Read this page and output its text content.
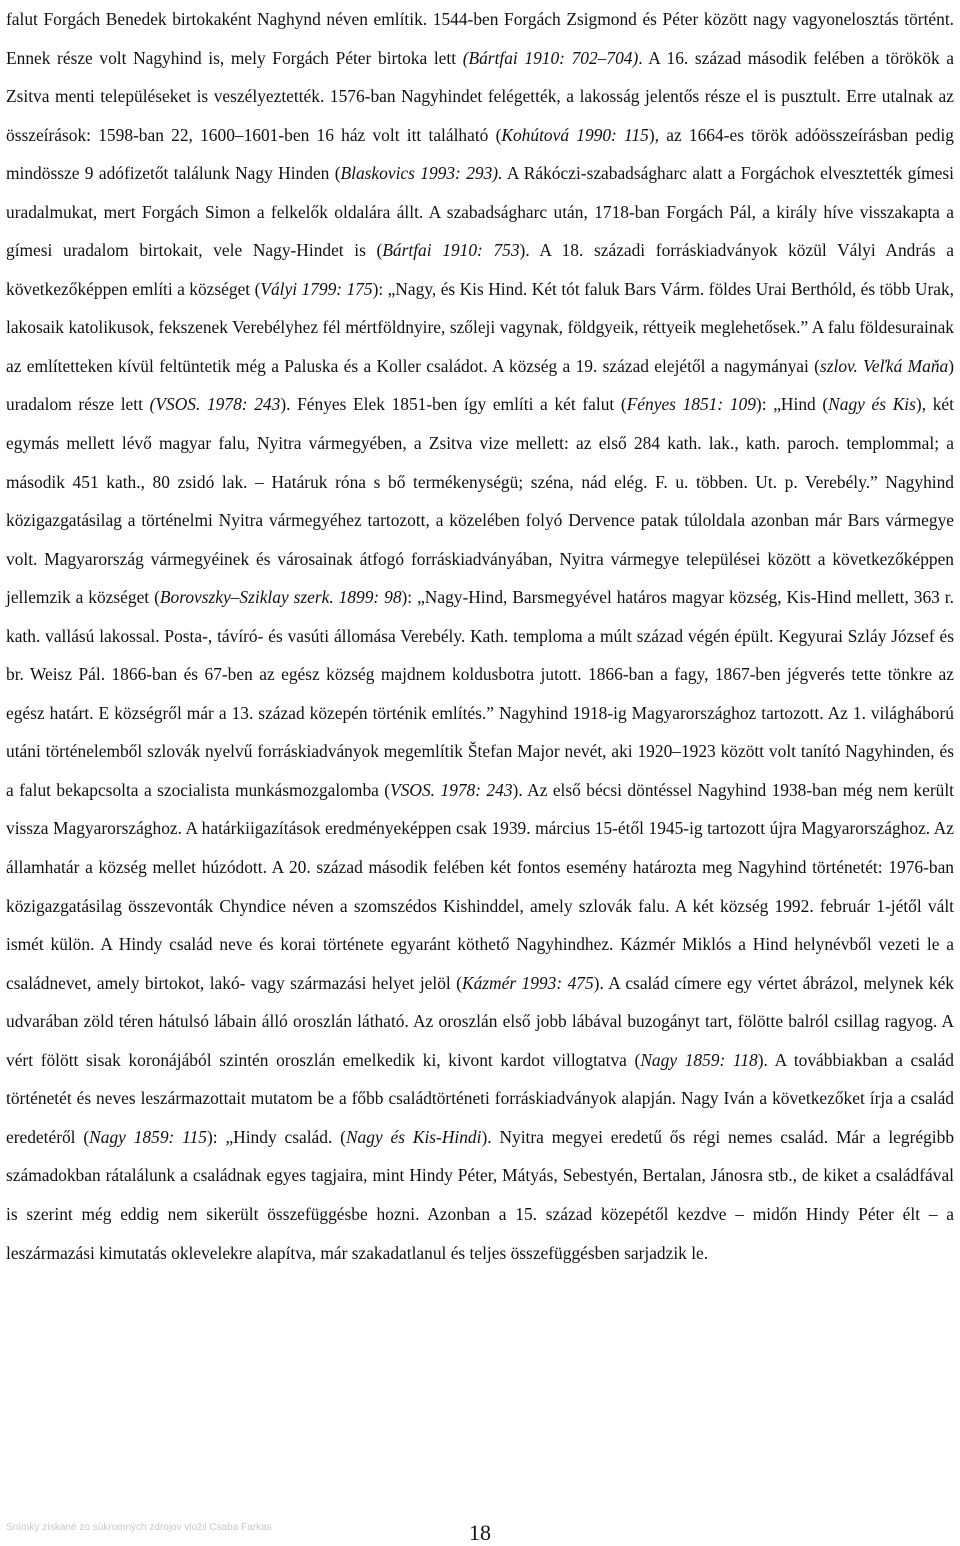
falut Forgách Benedek birtokaként Naghynd néven említik. 1544-ben Forgách Zsigmond és Péter között nagy vagyonelosztás történt. Ennek része volt Nagyhind is, mely Forgách Péter birtoka lett (Bártfai 1910: 702–704). A 16. század második felében a törökök a Zsitva menti településeket is veszélyeztették. 1576-ban Nagyhindet felégették, a lakosság jelentős része el is pusztult. Erre utalnak az összeírások: 1598-ban 22, 1600–1601-ben 16 ház volt itt található (Kohútová 1990: 115), az 1664-es török adóösszeírásban pedig mindössze 9 adófizetőt találunk Nagy Hinden (Blaskovics 1993: 293). A Rákóczi-szabadságharc alatt a Forgáchok elvesztették gímesi uradalmukat, mert Forgách Simon a felkelők oldalára állt. A szabadságharc után, 1718-ban Forgách Pál, a király híve visszakapta a gímesi uradalom birtokait, vele Nagy-Hindet is (Bártfai 1910: 753). A 18. századi forráskiadványok közül Vályi András a következőképpen említi a községet (Vályi 1799: 175): „Nagy, és Kis Hind. Két tót faluk Bars Várm. földes Urai Berthóld, és több Urak, lakosaik katolikusok, fekszenek Verebélyhez fél mértföldnyire, szőleji vagynak, földgyeik, réttyeik meglehetősek.” A falu földesurainak az említetteken kívül feltüntetik még a Paluska és a Koller családot. A község a 19. század elejétől a nagymányai (szlov. Veľká Maňa) uradalom része lett (VSOS. 1978: 243). Fényes Elek 1851-ben így említi a két falut (Fényes 1851: 109): „Hind (Nagy és Kis), két egymás mellett lévő magyar falu, Nyitra vármegyében, a Zsitva vize mellett: az első 284 kath. lak., kath. paroch. templommal; a második 451 kath., 80 zsidó lak. – Határuk róna s bő termékenységü; széna, nád elég. F. u. többen. Ut. p. Verebély.” Nagyhind közigazgatásilag a történelmi Nyitra vármegyéhez tartozott, a közelében folyó Dervence patak túloldala azonban már Bars vármegye volt. Magyarország vármegyéinek és városainak átfogó forráskiadványában, Nyitra vármegye települései között a következőképpen jellemzik a községet (Borovszky–Sziklay szerk. 1899: 98): „Nagy-Hind, Barsmegyével határos magyar község, Kis-Hind mellett, 363 r. kath. vallású lakossal. Posta-, távíró- és vasúti állomása Verebély. Kath. temploma a múlt század végén épült. Kegyurai Szláy József és br. Weisz Pál. 1866-ban és 67-ben az egész község majdnem koldusbotra jutott. 1866-ban a fagy, 1867-ben jégverés tette tönkre az egész határt. E községről már a 13. század közepén történik említés.” Nagyhind 1918-ig Magyarországhoz tartozott. Az 1. világháború utáni történelemből szlovák nyelvű forráskiadványok megemlítik Štefan Major nevét, aki 1920–1923 között volt tanító Nagyhinden, és a falut bekapcsolta a szocialista munkásmozgalomba (VSOS. 1978: 243). Az első bécsi döntéssel Nagyhind 1938-ban még nem került vissza Magyarországhoz. A határkiigazítások eredményeképpen csak 1939. március 15-étől 1945-ig tartozott újra Magyarországhoz. Az államhatár a község mellet húzódott. A 20. század második felében két fontos esemény határozta meg Nagyhind történetét: 1976-ban közigazgatásilag összevonták Chyndice néven a szomszédos Kishinddel, amely szlovák falu. A két község 1992. február 1-jétől vált ismét külön. A Hindy család neve és korai története egyaránt köthető Nagyhindhez. Kázmér Miklós a Hind helynévből vezeti le a családnevet, amely birtokot, lakó- vagy származási helyet jelöl (Kázmér 1993: 475). A család címere egy vértet ábrázol, melynek kék udvarában zöld téren hátulsó lábain álló oroszlán látható. Az oroszlán első jobb lábával buzogányt tart, fölötte balról csillag ragyog. A vért fölött sisak koronájából szintén oroszlán emelkedik ki, kivont kardot villogtatva (Nagy 1859: 118). A továbbiakban a család történetét és neves leszármazottait mutatom be a főbb családtörténeti forráskiadványok alapján. Nagy Iván a következőket írja a család eredetéről (Nagy 1859: 115): „Hindy család. (Nagy és Kis-Hindi). Nyitra megyei eredetű ős régi nemes család. Már a legrégibb számadokban rátalálunk a családnak egyes tagjaira, mint Hindy Péter, Mátyás, Sebestyén, Bertalan, Jánosra stb., de kiket a családfával is szerint még eddig nem sikerült összefüggésbe hozni. Azonban a 15. század közepétől kezdve – midőn Hindy Péter élt – a leszármazási kimutatás oklevelekre alapítva, már szakadatlanul és teljes összefüggésben sarjadzik le.

Snímky získané zo súkromných zdrojov vložil Csaba Farkas	18
